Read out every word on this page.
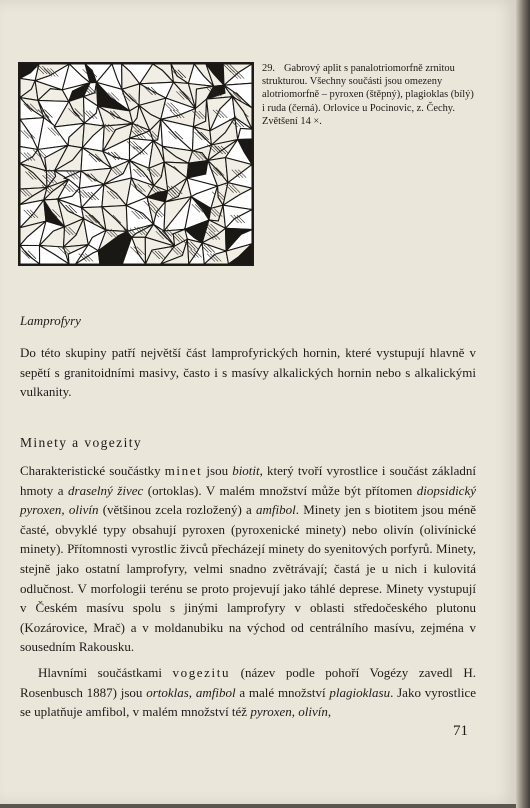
29. Gabrový aplit s panalotriomorfně zrnitou strukturou. Všechny součásti jsou omezeny alotriomorfně – pyroxen (štěpný), plagioklas (bílý) i ruda (černá). Orlovice u Pocinovic, z. Čechy. Zvětšení 14 ×.

Lamprofyry

Do této skupiny patří největší část lamprofyrických hornin, které vystupují hlavně v sepětí s granitoidními masivy, často i s masívy alkalických hornin nebo s alkalickými vulkanity.

Minety a vogezity

Charakteristické součástky minet jsou biotit, který tvoří vyrostlice i součást základní hmoty a draselný živec (ortoklas). V malém množství může být přítomen diopsidický pyroxen, olivín (většinou zcela rozložený) a amfibol. Minety jen s biotitem jsou méně časté, obvyklé typy obsahují pyroxen (pyroxenické minety) nebo olivín (olivínické minety). Přítomnosti vyrostlic živců přecházejí minety do syenitových porfyrů. Minety, stejně jako ostatní lamprofyry, velmi snadno zvětrávají; častá je u nich i kulovitá odlučnost. V morfologii terénu se proto projevují jako táhlé deprese. Minety vystupují v Českém masívu spolu s jinými lamprofyry v oblasti středočeského plutonu (Kozárovice, Mrač) a v moldanubiku na východ od centrálního masívu, zejména v sousedním Rakousku.

Hlavními součástkami vogezitu (název podle pohoří Vogézy zavedl H. Rosenbusch 1887) jsou ortoklas, amfibol a malé množství plagioklasu. Jako vyrostlice se uplatňuje amfibol, v malém množství též pyroxen, olivín,

71
